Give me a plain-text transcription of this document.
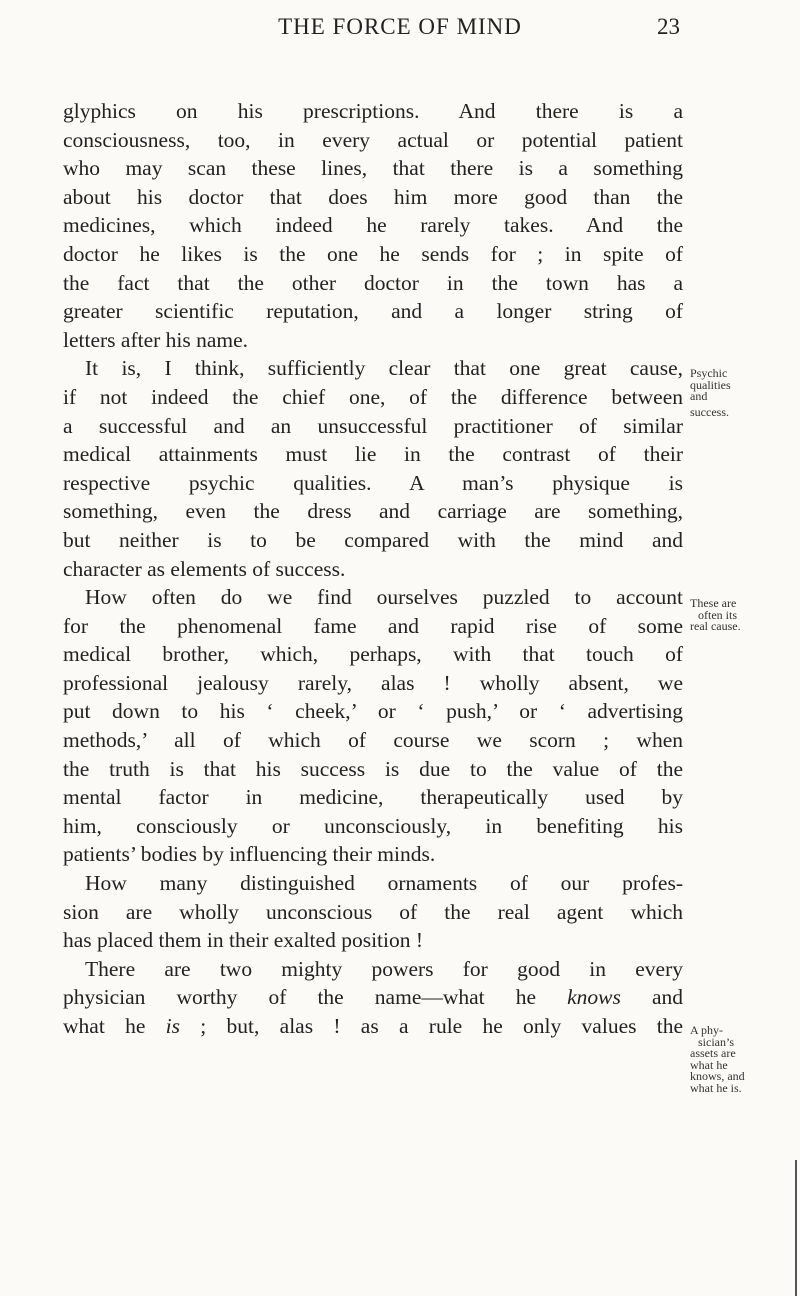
THE FORCE OF MIND	23
glyphics on his prescriptions. And there is a
consciousness, too, in every actual or potential patient
who may scan these lines, that there is a something
about his doctor that does him more good than the
medicines, which indeed he rarely takes. And the
doctor he likes is the one he sends for ; in spite of
the fact that the other doctor in the town has a
greater scientific reputation, and a longer string of
letters after his name.
It is, I think, sufficiently clear that one great cause,
if not indeed the chief one, of the difference between
a successful and an unsuccessful practitioner of similar
medical attainments must lie in the contrast of their
respective psychic qualities. A man’s physique is
something, even the dress and carriage are something,
but neither is to be compared with the mind and
character as elements of success.
How often do we find ourselves puzzled to account
for the phenomenal fame and rapid rise of some
medical brother, which, perhaps, with that touch of
professional jealousy rarely, alas ! wholly absent, we
put down to his ‘ cheek,’ or ‘ push,’ or ‘ advertising
methods,’ all of which of course we scorn ; when
the truth is that his success is due to the value of the
mental factor in medicine, therapeutically used by
him, consciously or unconsciously, in benefiting his
patients’ bodies by influencing their minds.
How many distinguished ornaments of our profes-
sion are wholly unconscious of the real agent which
has placed them in their exalted position !
There are two mighty powers for good in every
physician worthy of the name—what he knows and
what he is ; but, alas ! as a rule he only values the
Psychic
qualities
and
success.
These are
often its
real cause.
A phy-
sician’s
assets are
what he
knows, and
what he is.
